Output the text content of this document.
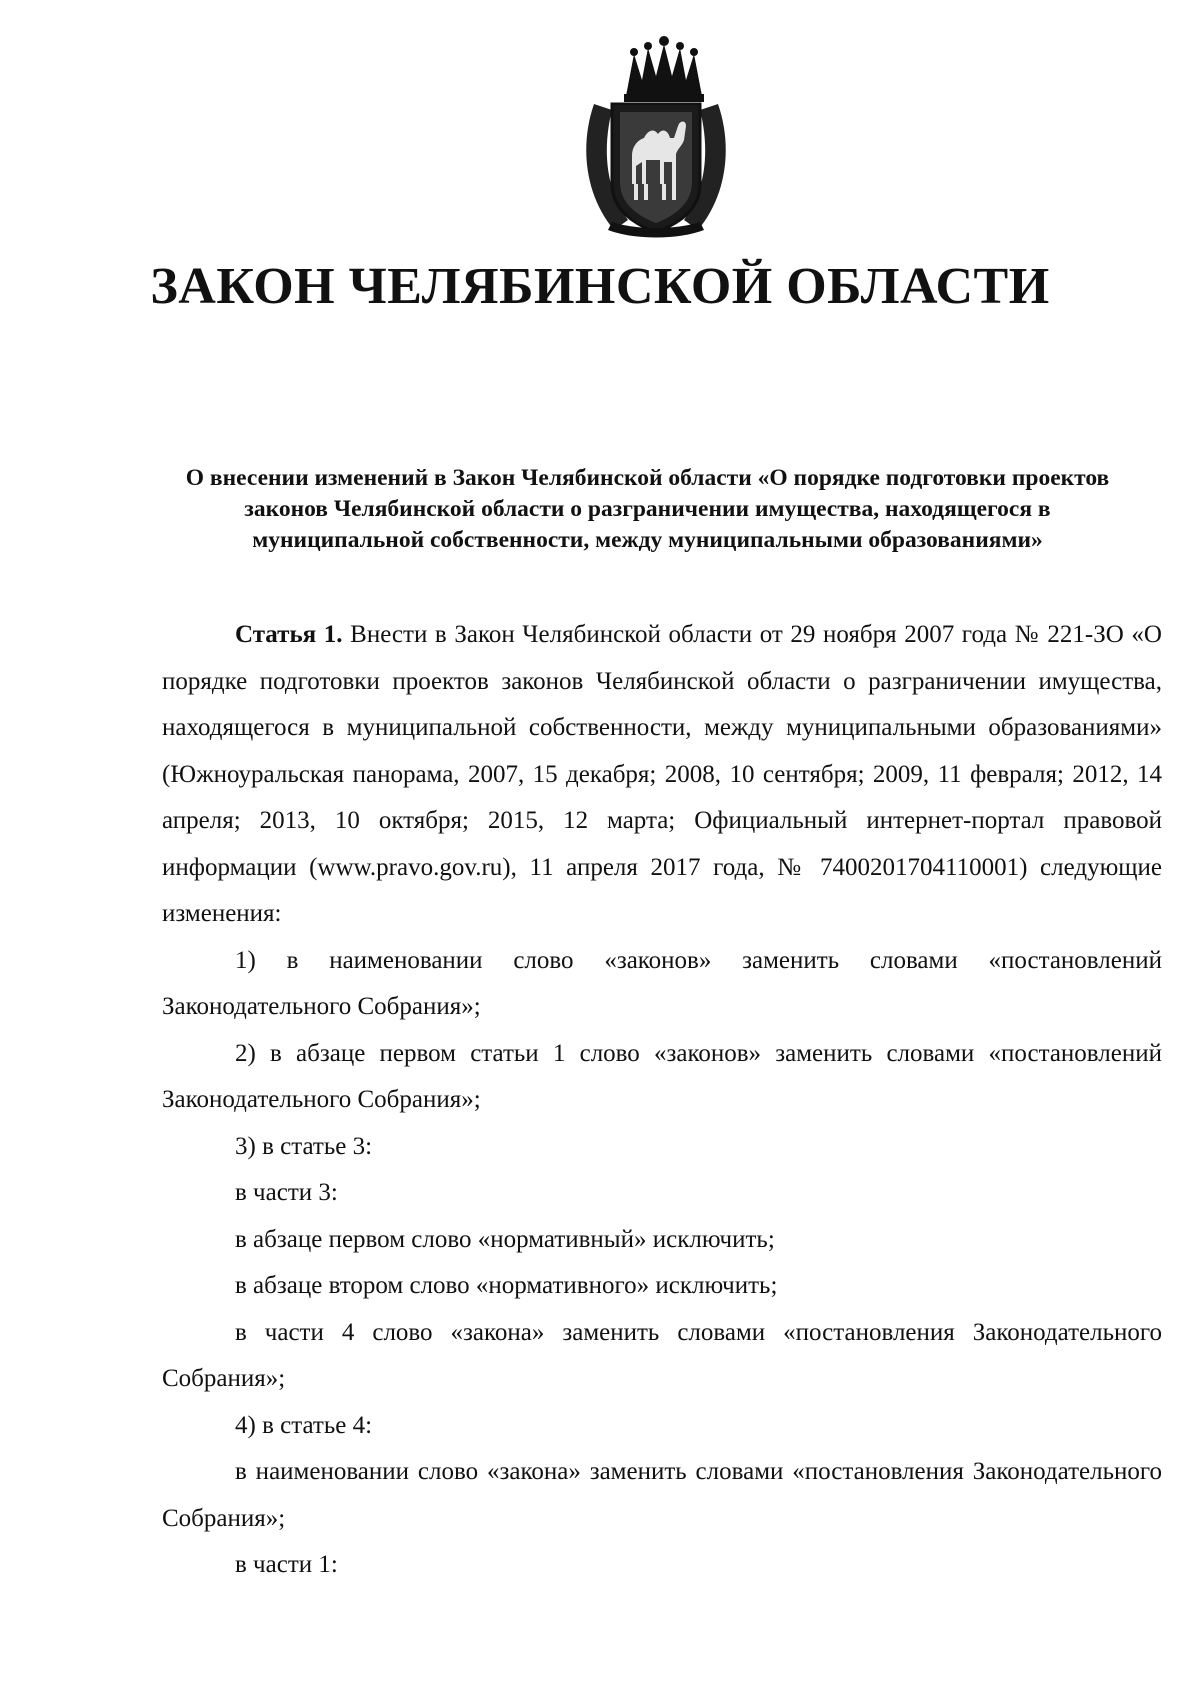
ЗАКОН ЧЕЛЯБИНСКОЙ ОБЛАСТИ
О внесении изменений в Закон Челябинской области «О порядке подготовки проектов законов Челябинской области о разграничении имущества, находящегося в муниципальной собственности, между муниципальными образованиями»

Статья 1. Внести в Закон Челябинской области от 29 ноября 2007 года № 221-ЗО «О порядке подготовки проектов законов Челябинской области о разграничении имущества, находящегося в муниципальной собственности, между муниципальными образованиями» (Южноуральская панорама, 2007, 15 декабря; 2008, 10 сентября; 2009, 11 февраля; 2012, 14 апреля; 2013, 10 октября; 2015, 12 марта; Официальный интернет-портал правовой информации (www.pravo.gov.ru), 11 апреля 2017 года, № 7400201704110001) следующие изменения:

1) в наименовании слово «законов» заменить словами «постановлений Законодательного Собрания»;

2) в абзаце первом статьи 1 слово «законов» заменить словами «постановлений Законодательного Собрания»;

3) в статье 3:

в части 3:

в абзаце первом слово «нормативный» исключить;

в абзаце втором слово «нормативного» исключить;

в части 4 слово «закона» заменить словами «постановления Законодательного Собрания»;

4) в статье 4:

в наименовании слово «закона» заменить словами «постановления Законодательного Собрания»;

в части 1:
